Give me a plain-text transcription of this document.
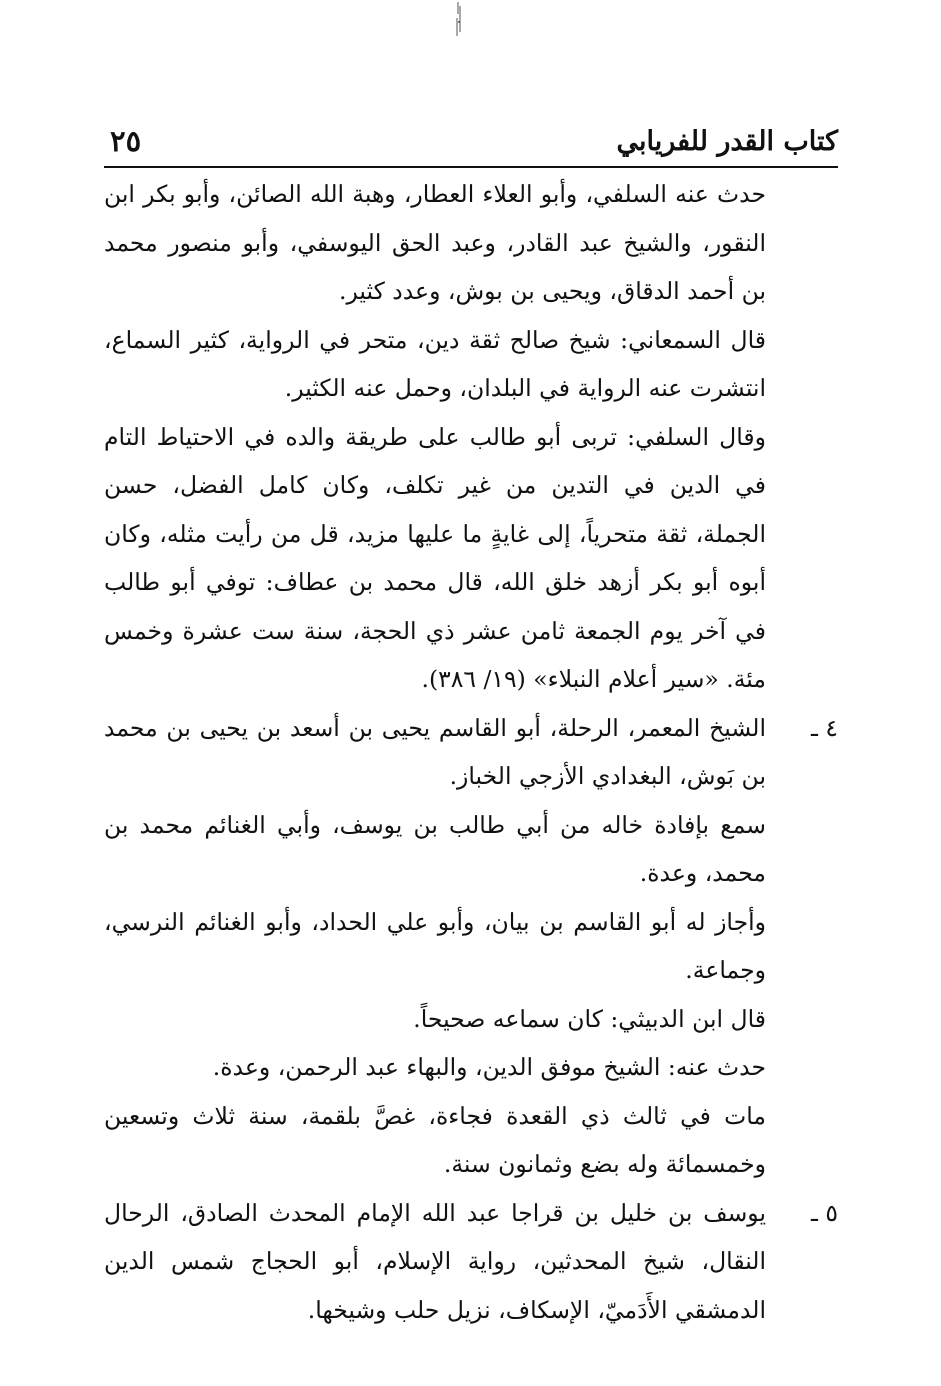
كتاب القدر للفريابي
٢٥

حدث عنه السلفي، وأبو العلاء العطار، وهبة الله الصائن، وأبو بكر ابن النقور، والشيخ عبد القادر، وعبد الحق اليوسفي، وأبو منصور محمد بن أحمد الدقاق، ويحيى بن بوش، وعدد كثير.

قال السمعاني: شيخ صالح ثقة دين، متحر في الرواية، كثير السماع، انتشرت عنه الرواية في البلدان، وحمل عنه الكثير.

وقال السلفي: تربى أبو طالب على طريقة والده في الاحتياط التام في الدين في التدين من غير تكلف، وكان كامل الفضل، حسن الجملة، ثقة متحرياً، إلى غايةٍ ما عليها مزيد، قل من رأيت مثله، وكان أبوه أبو بكر أزهد خلق الله، قال محمد بن عطاف: توفي أبو طالب في آخر يوم الجمعة ثامن عشر ذي الحجة، سنة ست عشرة وخمس مئة. «سير أعلام النبلاء» (١٩/ ٣٨٦).

٤ ـ
الشيخ المعمر، الرحلة، أبو القاسم يحيى بن أسعد بن يحيى بن محمد بن بَوش، البغدادي الأزجي الخباز.

سمع بإفادة خاله من أبي طالب بن يوسف، وأبي الغنائم محمد بن محمد، وعدة.

وأجاز له أبو القاسم بن بيان، وأبو علي الحداد، وأبو الغنائم النرسي، وجماعة.

قال ابن الدبيثي: كان سماعه صحيحاً.

حدث عنه: الشيخ موفق الدين، والبهاء عبد الرحمن، وعدة.

مات في ثالث ذي القعدة فجاءة، غصَّ بلقمة، سنة ثلاث وتسعين وخمسمائة وله بضع وثمانون سنة.

٥ ـ
يوسف بن خليل بن قراجا عبد الله الإمام المحدث الصادق، الرحال النقال، شيخ المحدثين، رواية الإسلام، أبو الحجاج شمس الدين الدمشقي الأَدَميّ، الإسكاف، نزيل حلب وشيخها.
